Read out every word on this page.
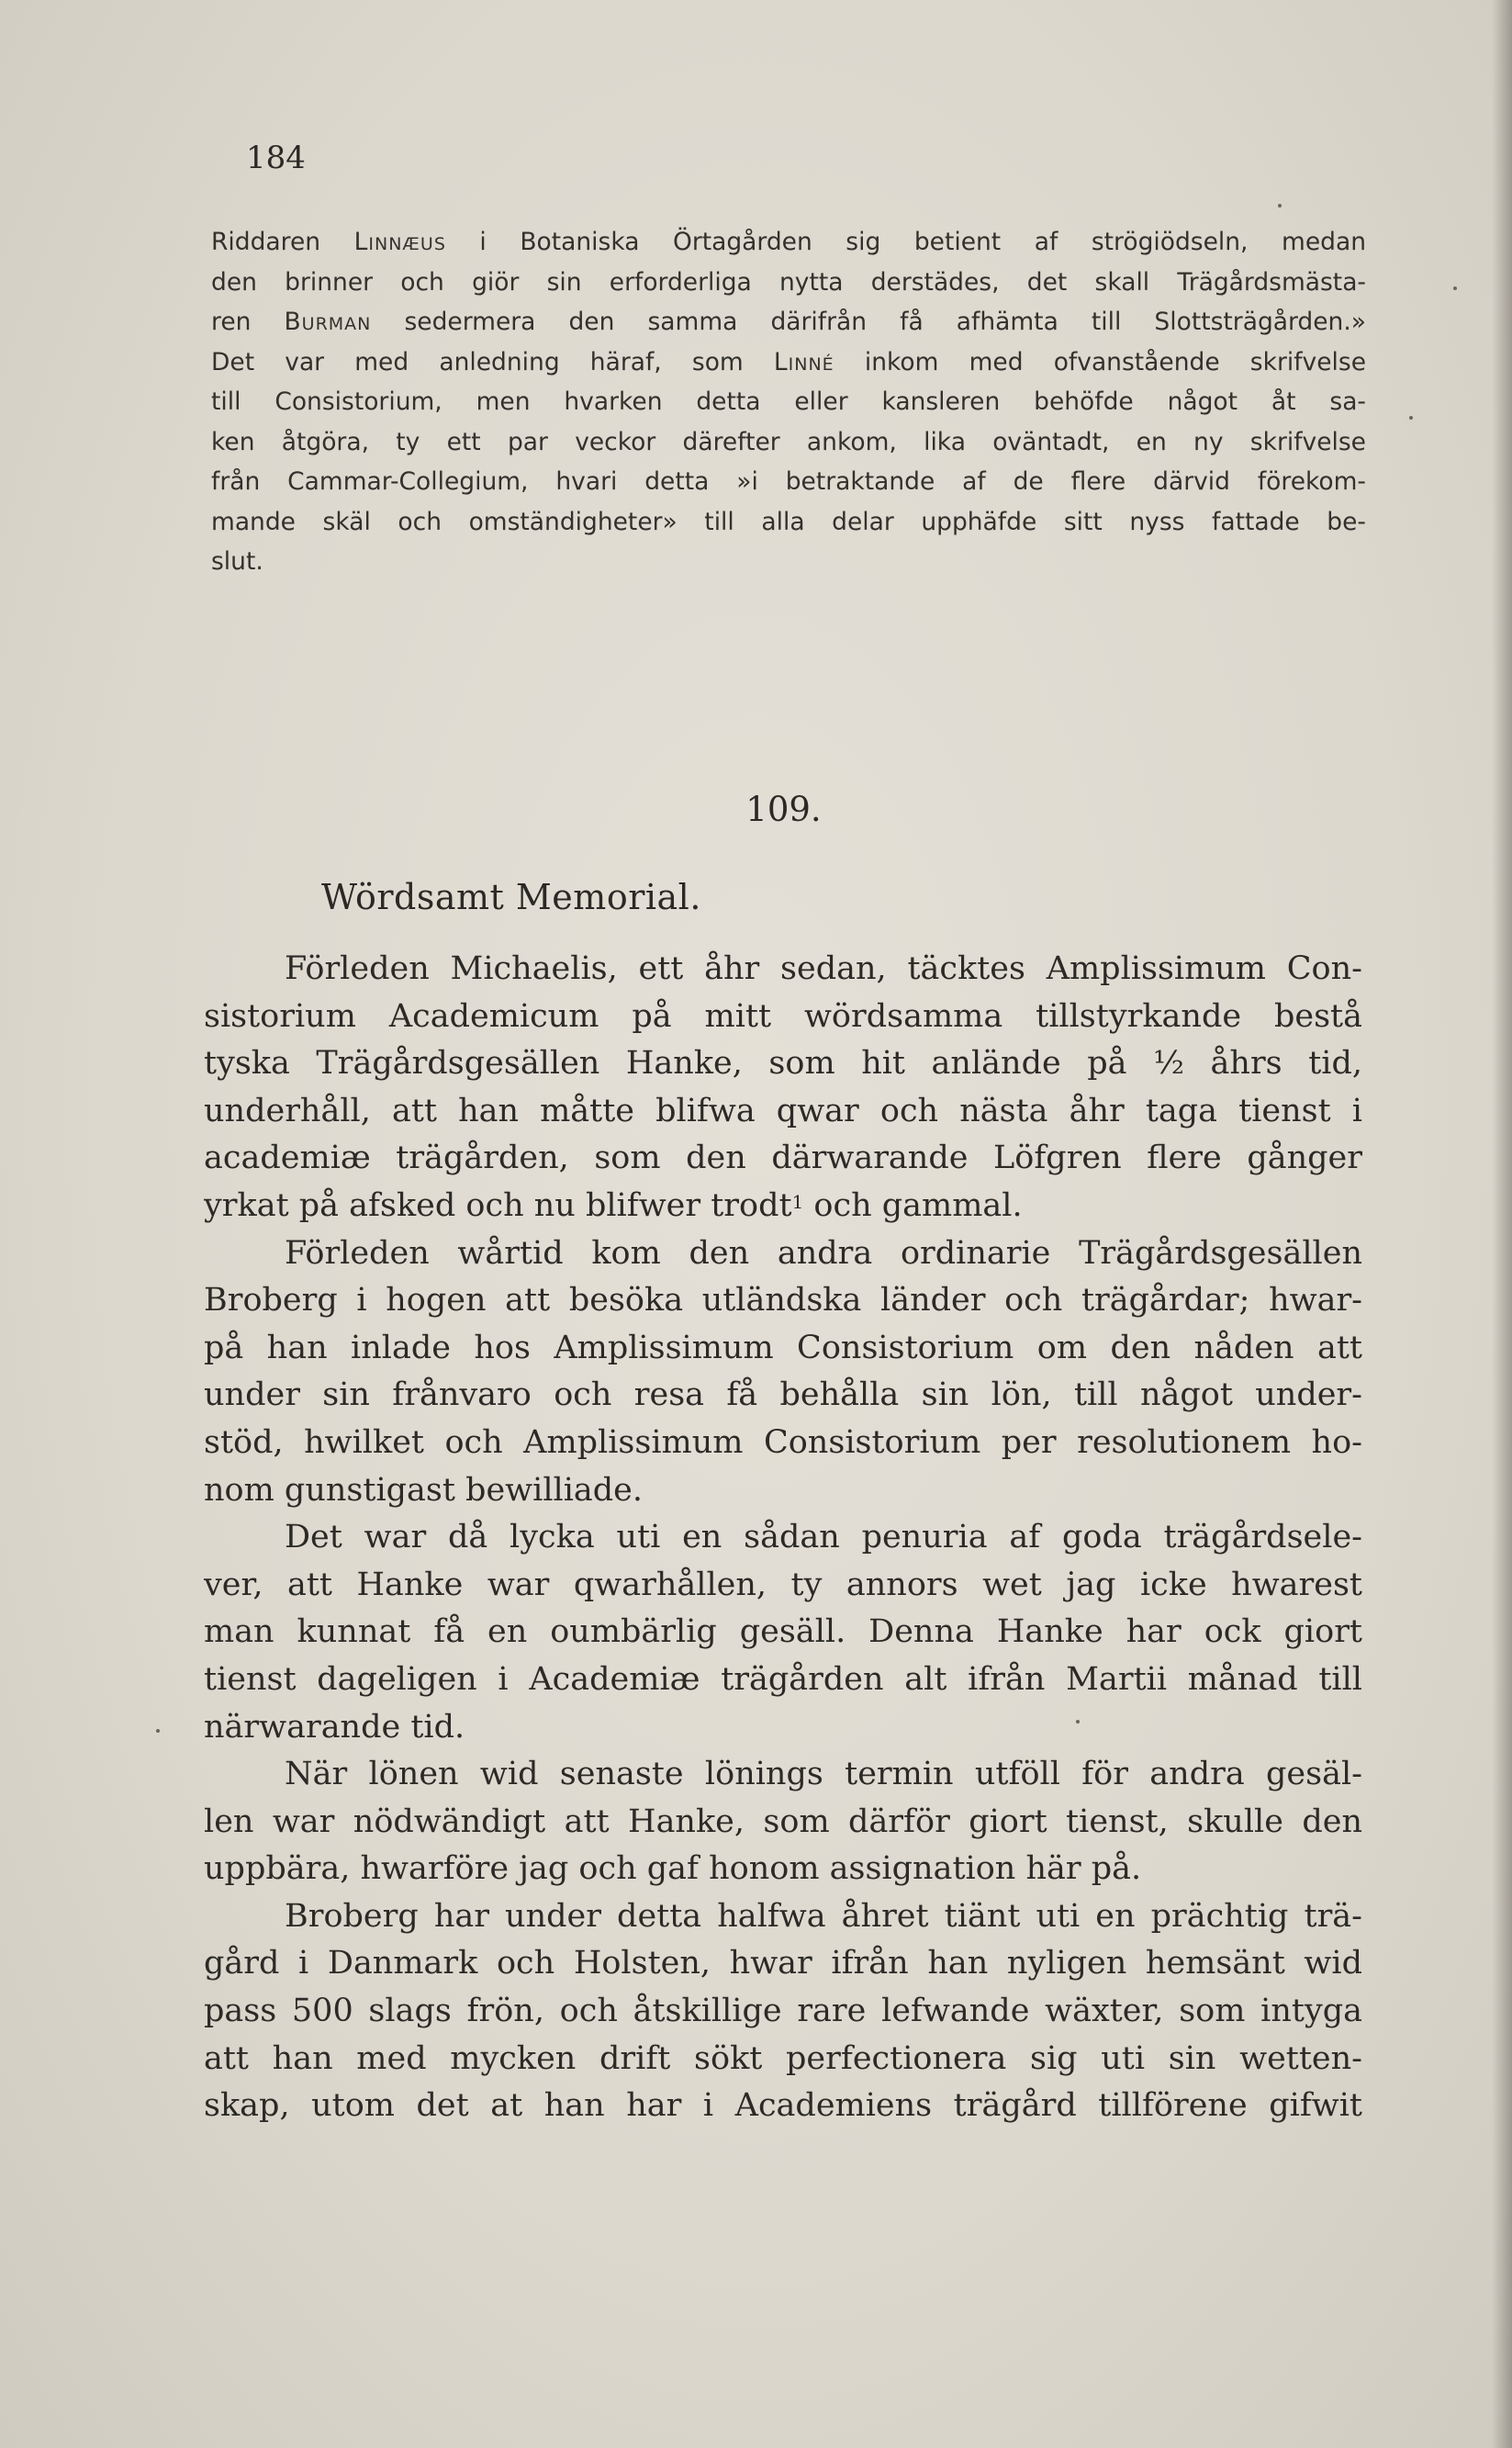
184
Riddaren Linnæus i Botaniska Örtagården sig betient af strögiödseln, medan
den brinner och giör sin erforderliga nytta derstädes, det skall Trägårdsmästa-
ren Burman sedermera den samma därifrån få afhämta till Slottsträgården.»
Det var med anledning häraf, som Linné inkom med ofvanstående skrifvelse
till Consistorium, men hvarken detta eller kansleren behöfde något åt sa-
ken åtgöra, ty ett par veckor därefter ankom, lika oväntadt, en ny skrifvelse
från Cammar-Collegium, hvari detta »i betraktande af de flere därvid förekom-
mande skäl och omständigheter» till alla delar upphäfde sitt nyss fattade be-
slut.
109.
Wördsamt Memorial.
Förleden Michaelis, ett åhr sedan, täcktes Amplissimum Con-
sistorium Academicum på mitt wördsamma tillstyrkande bestå
tyska Trägårdsgesällen Hanke, som hit anlände på ½ åhrs tid,
underhåll, att han måtte blifwa qwar och nästa åhr taga tienst i
academiæ trägården, som den därwarande Löfgren flere gånger
yrkat på afsked och nu blifwer trodt$^1$ och gammal.
Förleden wårtid kom den andra ordinarie Trägårdsgesällen
Broberg i hogen att besöka utländska länder och trägårdar; hwar-
på han inlade hos Amplissimum Consistorium om den nåden att
under sin frånvaro och resa få behålla sin lön, till något under-
stöd, hwilket och Amplissimum Consistorium per resolutionem ho-
nom gunstigast bewilliade.
Det war då lycka uti en sådan penuria af goda trägårdsele-
ver, att Hanke war qwarhållen, ty annors wet jag icke hwarest
man kunnat få en oumbärlig gesäll. Denna Hanke har ock giort
tienst dageligen i Academiæ trägården alt ifrån Martii månad till
närwarande tid.
När lönen wid senaste lönings termin utföll för andra gesäl-
len war nödwändigt att Hanke, som därför giort tienst, skulle den
uppbära, hwarföre jag och gaf honom assignation här på.
Broberg har under detta halfwa åhret tiänt uti en prächtig trä-
gård i Danmark och Holsten, hwar ifrån han nyligen hemsänt wid
pass 500 slags frön, och åtskillige rare lefwande wäxter, som intyga
att han med mycken drift sökt perfectionera sig uti sin wetten-
skap, utom det at han har i Academiens trägård tillförene gifwit
